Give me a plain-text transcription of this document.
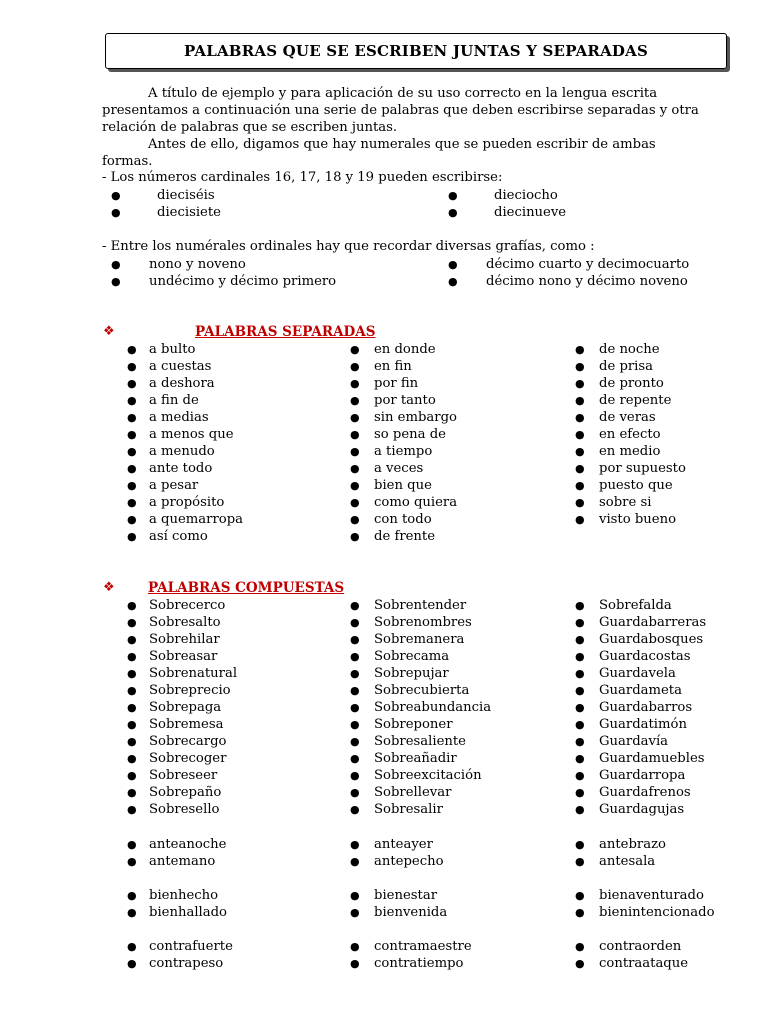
PALABRAS QUE SE ESCRIBEN JUNTAS Y SEPARADAS

A título de ejemplo y para aplicación de su uso correcto en la lengua escrita presentamos a continuación una serie de palabras que deben escribirse separadas y otra relación de palabras que se escriben juntas.

Antes de ello, digamos que hay numerales que se pueden escribir de ambas formas.

- Los números cardinales 16, 17, 18 y 19 pueden escribirse:
●	dieciséis
●	diecisiete
●	dieciocho
●	diecinueve
- Entre los numérales ordinales hay que recordar diversas grafías, como :
● nono y noveno
● undécimo y décimo primero
● décimo cuarto y decimocuarto
● décimo nono y décimo noveno
❖	PALABRAS SEPARADAS
● a bulto
● a cuestas
● a deshora
● a fin de
● a medias
● a menos que
● a menudo
● ante todo
● a pesar
● a propósito
● a quemarropa
● así como
● en donde
● en fin
● por fin
● por tanto
● sin embargo
● so pena de
● a tiempo
● a veces
● bien que
● como quiera
● con todo
● de frente
● de noche
● de prisa
● de pronto
● de repente
● de veras
● en efecto
● en medio
● por supuesto
● puesto que
● sobre si
● visto bueno
❖ PALABRAS COMPUESTAS
● Sobrecerco
● Sobresalto
● Sobrehilar
● Sobreasar
● Sobrenatural
● Sobreprecio
● Sobrepaga
● Sobremesa
● Sobrecargo
● Sobrecoger
● Sobreseer
● Sobrepaño
● Sobresello
● Sobrentender
● Sobrenombres
● Sobremanera
● Sobrecama
● Sobrepujar
● Sobrecubierta
● Sobreabundancia
● Sobreponer
● Sobresaliente
● Sobreañadir
● Sobreexcitación
● Sobrellevar
● Sobresalir
● Sobrefalda
● Guardabarreras
● Guardabosques
● Guardacostas
● Guardavela
● Guardameta
● Guardabarros
● Guardatimón
● Guardavía
● Guardamuebles
● Guardarropa
● Guardafrenos
● Guardagujas
● anteanoche
● antemano
● anteayer
● antepecho
● antebrazo
● antesala
● bienhecho
● bienhallado
● bienestar
● bienvenida
● bienaventurado
● bienintencionado
● contrafuerte
● contrapeso
● contramaestre
● contratiempo
● contraorden
● contraataque
